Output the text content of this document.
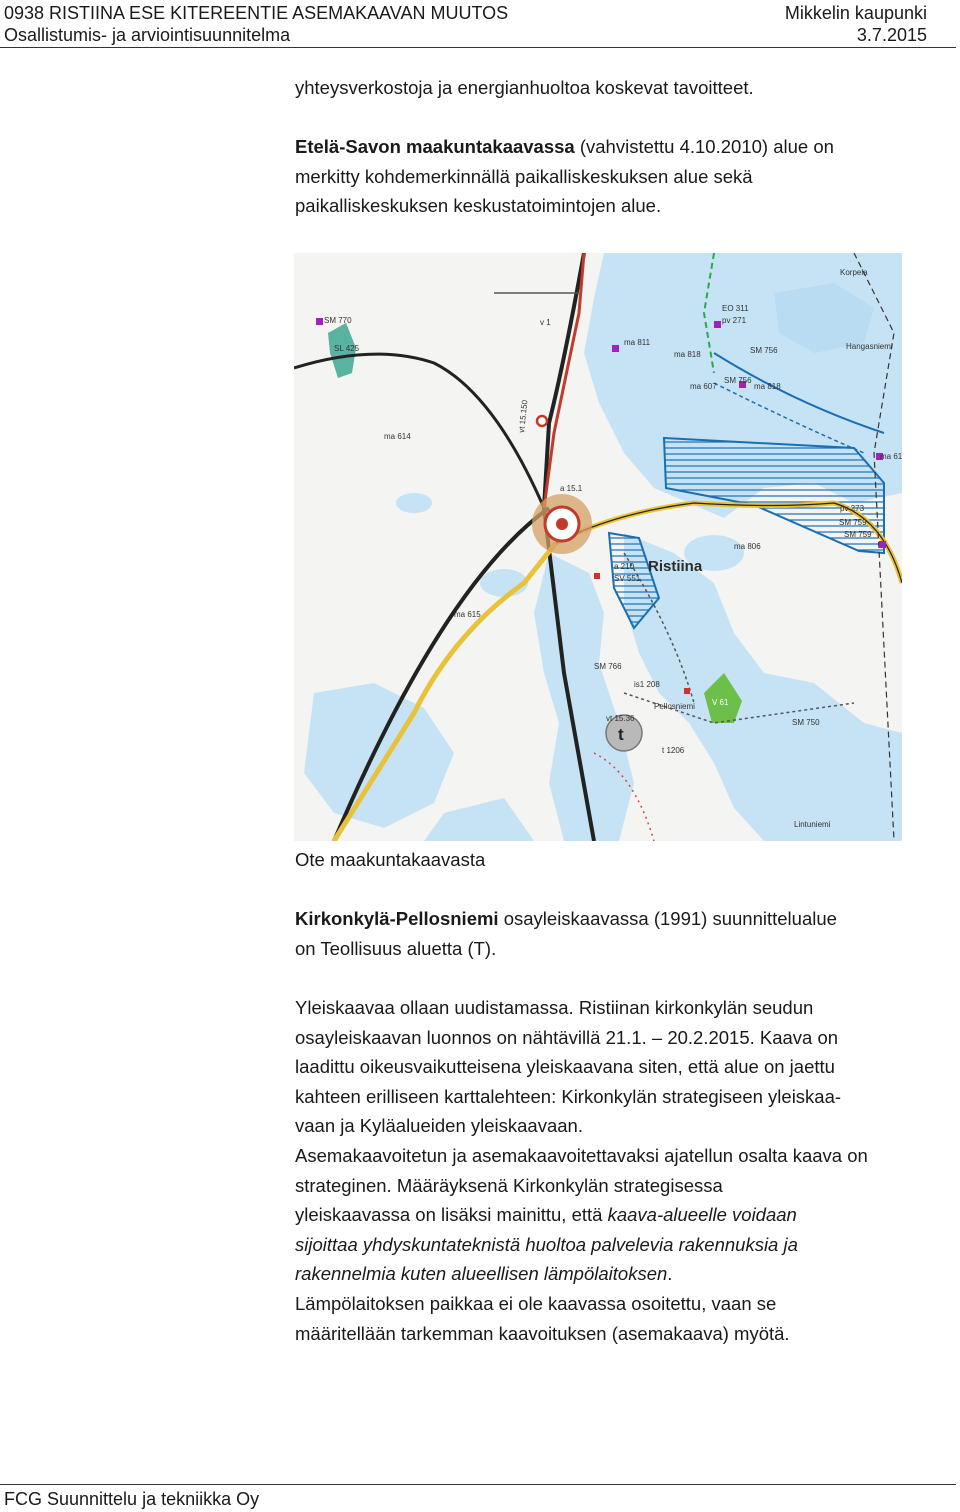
0938 RISTIINA ESE KITEREENTIE ASEMAKAAVAN MUUTOS	Mikkelin kaupunki
Osallistumis- ja arviointisuunnitelma	3.7.2015

yhteysverkostoja ja energianhuoltoa koskevat tavoitteet.

Etelä-Savon maakuntakaavassa (vahvistettu 4.10.2010) alue on
merkitty kohdemerkinnällä paikalliskeskuksen alue sekä
paikalliskeskuksen keskustatoimintojen alue.

Korpela
SM 770
SL 425
ma 614
ma 615
ma 811
ma 818
ma 818
ma 806
ma 607
ma 61
SM 756
SM 756
SM 750
SM 759
SM 759
SM 766
EO 311
pv 271
pv 273
a 15.1
a 210
SV 551
is1 208
t 1206
v 1
vt 15.36
Pellosniemi
Lintuniemi
Hangasniemi
vt 15.150
Ristiina
t
V 61

Ote maakuntakaavasta

Kirkonkylä-Pellosniemi osayleiskaavassa (1991) suunnittelualue
on Teollisuus aluetta (T).

Yleiskaavaa ollaan uudistamassa. Ristiinan kirkonkylän seudun
osayleiskaavan luonnos on nähtävillä 21.1. – 20.2.2015. Kaava on
laadittu oikeusvaikutteisena yleiskaavana siten, että alue on jaettu
kahteen erilliseen karttalehteen: Kirkonkylän strategiseen yleiskaa-
vaan ja Kyläalueiden yleiskaavaan.
Asemakaavoitetun ja asemakaavoitettavaksi ajatellun osalta kaava on
strateginen. Määräyksenä Kirkonkylän strategisessa
yleiskaavassa on lisäksi mainittu, että kaava-alueelle voidaan
sijoittaa yhdyskuntateknistä huoltoa palvelevia rakennuksia ja
rakennelmia kuten alueellisen lämpölaitoksen.
Lämpölaitoksen paikkaa ei ole kaavassa osoitettu, vaan se
määritellään tarkemman kaavoituksen (asemakaava) myötä.

FCG Suunnittelu ja tekniikka Oy
